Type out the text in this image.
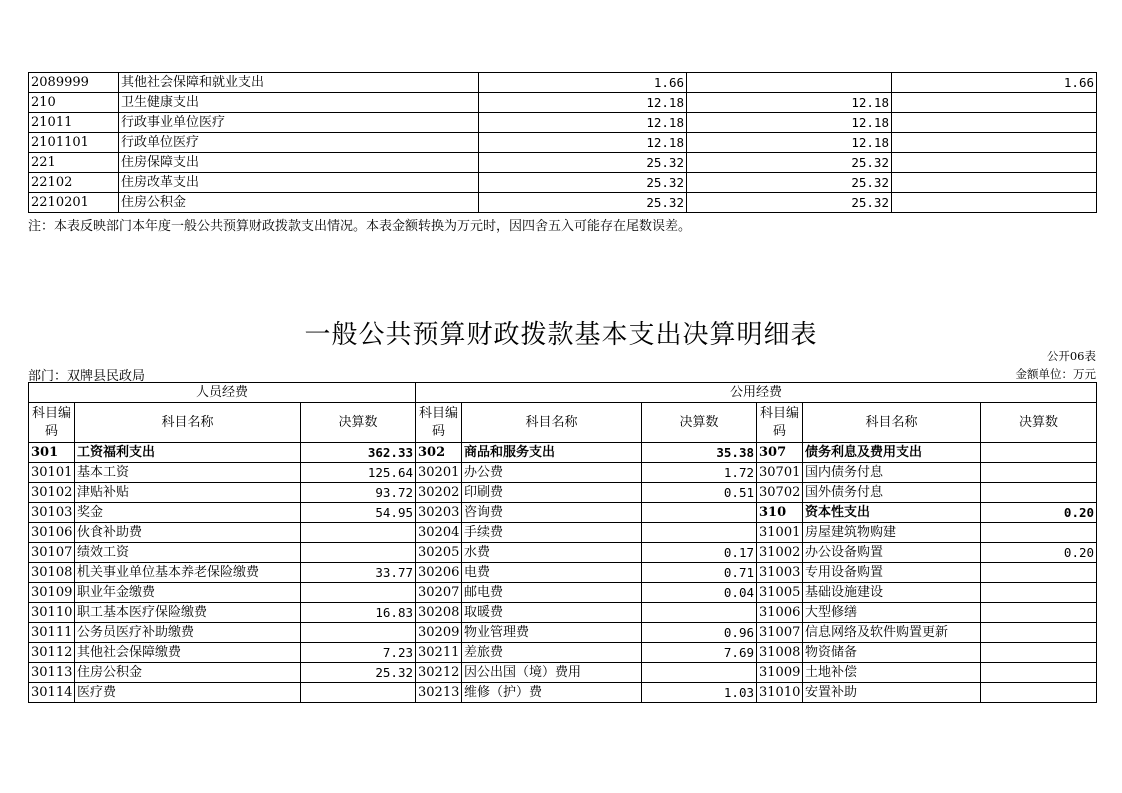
2089999	其他社会保障和就业支出	1.66		1.66
210	卫生健康支出	12.18	12.18	
21011	行政事业单位医疗	12.18	12.18	
2101101	行政单位医疗	12.18	12.18	
221	住房保障支出	25.32	25.32	
22102	住房改革支出	25.32	25.32	
2210201	住房公积金	25.32	25.32	
注：本表反映部门本年度一般公共预算财政拨款支出情况。本表金额转换为万元时，因四舍五入可能存在尾数误差。
一般公共预算财政拨款基本支出决算明细表
公开06表
部门：双牌县民政局	金额单位：万元
人员经费			公用经费					
科目编码	科目名称	决算数	科目编码	科目名称	决算数	科目编码	科目名称	决算数
301	工资福利支出	362.33	302	商品和服务支出	35.38	307	债务利息及费用支出	
30101	基本工资	125.64	30201	办公费	1.72	30701	国内债务付息	
30102	津贴补贴	93.72	30202	印刷费	0.51	30702	国外债务付息	
30103	奖金	54.95	30203	咨询费		310	资本性支出	0.20
30106	伙食补助费		30204	手续费		31001	房屋建筑物购建	
30107	绩效工资		30205	水费	0.17	31002	办公设备购置	0.20
30108	机关事业单位基本养老保险缴费	33.77	30206	电费	0.71	31003	专用设备购置	
30109	职业年金缴费		30207	邮电费	0.04	31005	基础设施建设	
30110	职工基本医疗保险缴费	16.83	30208	取暖费		31006	大型修缮	
30111	公务员医疗补助缴费		30209	物业管理费	0.96	31007	信息网络及软件购置更新	
30112	其他社会保障缴费	7.23	30211	差旅费	7.69	31008	物资储备	
30113	住房公积金	25.32	30212	因公出国（境）费用		31009	土地补偿	
30114	医疗费		30213	维修（护）费	1.03	31010	安置补助	
